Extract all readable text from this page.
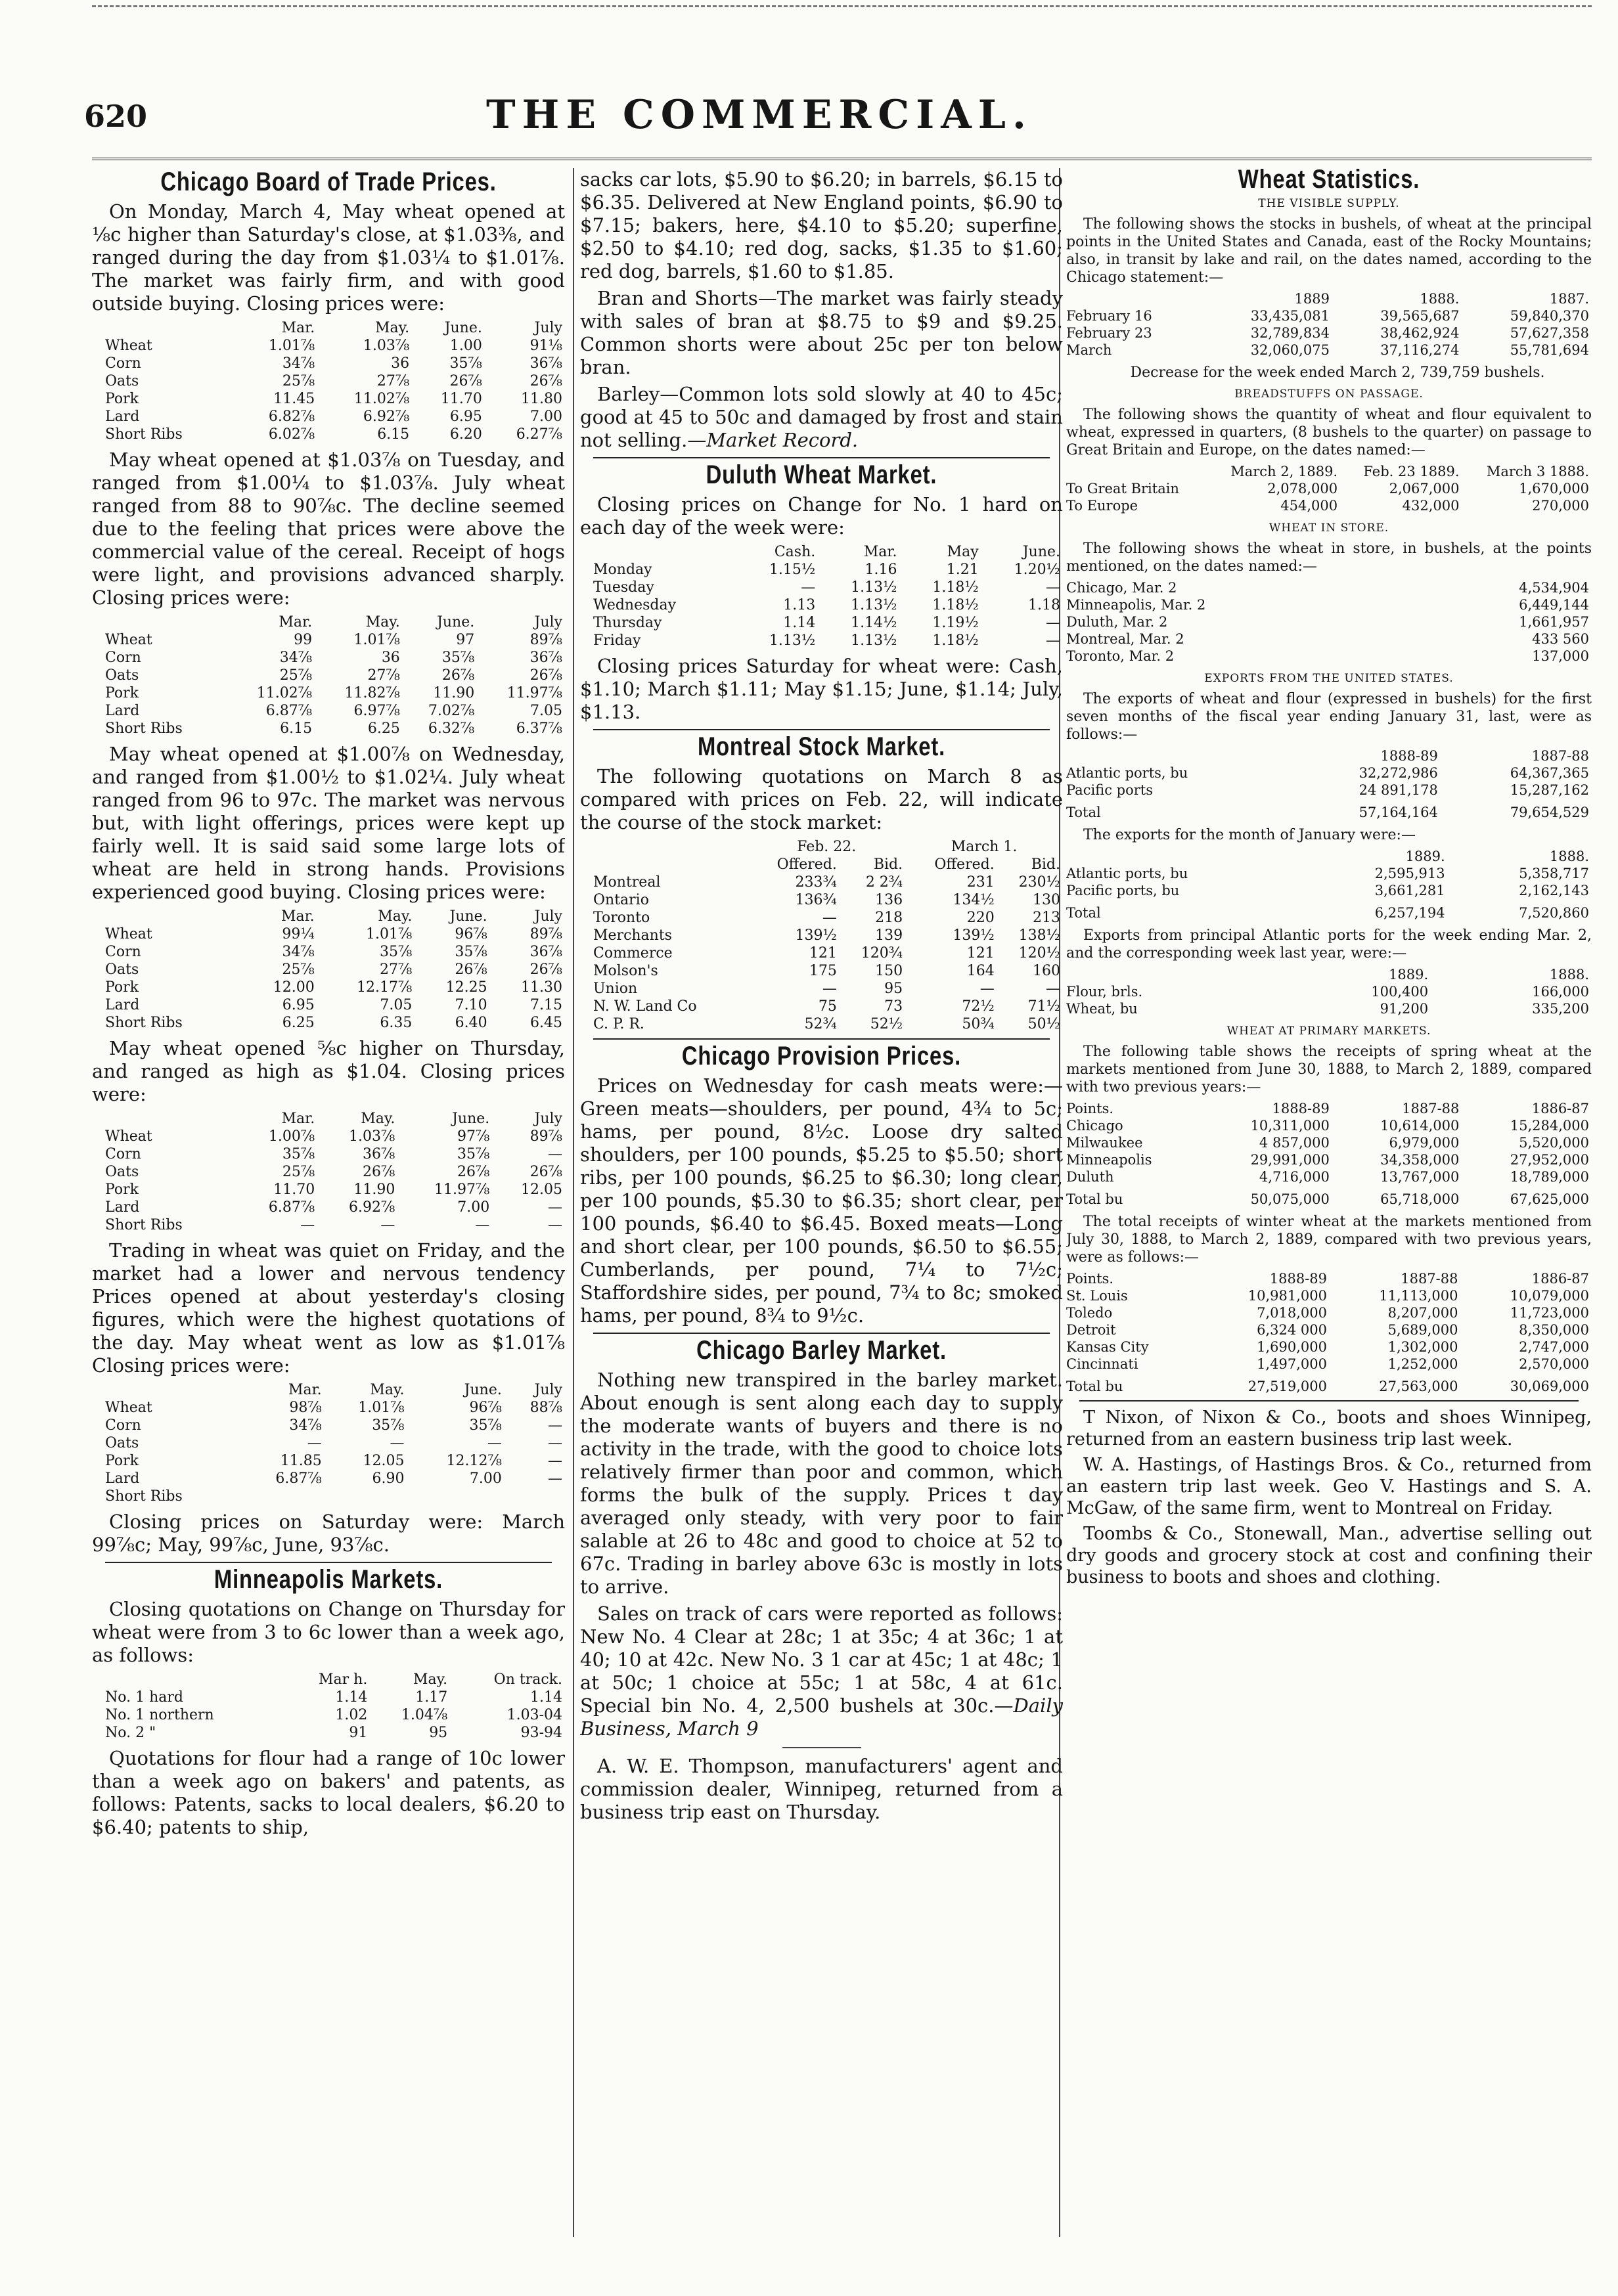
620	THE COMMERCIAL.
Chicago Board of Trade Prices.

On Monday, March 4, May wheat opened at ⅛c higher than Saturday's close, at $1.03⅜, and ranged during the day from $1.03¼ to $1.01⅞. The market was fairly firm, and with good outside buying. Closing prices were:

	Mar.	May.	June.	July
Wheat	1.01⅞	1.03⅞	1.00	91⅛
Corn	34⅞	36	35⅞	36⅞
Oats	25⅞	27⅞	26⅞	26⅞
Pork	11.45	11.02⅞	11.70	11.80
Lard	6.82⅞	6.92⅞	6.95	7.00
Short Ribs	6.02⅞	6.15	6.20	6.27⅞

May wheat opened at $1.03⅞ on Tuesday, and ranged from $1.00¼ to $1.03⅞. July wheat ranged from 88 to 90⅞c. The decline seemed due to the feeling that prices were above the commercial value of the cereal. Receipt of hogs were light, and provisions advanced sharply. Closing prices were:

	Mar.	May.	June.	July
Wheat	99	1.01⅞	97	89⅞
Corn	34⅞	36	35⅞	36⅞
Oats	25⅞	27⅞	26⅞	26⅞
Pork	11.02⅞	11.82⅞	11.90	11.97⅞
Lard	6.87⅞	6.97⅞	7.02⅞	7.05
Short Ribs	6.15	6.25	6.32⅞	6.37⅞

May wheat opened at $1.00⅞ on Wednesday, and ranged from $1.00½ to $1.02¼. July wheat ranged from 96 to 97c. The market was nervous but, with light offerings, prices were kept up fairly well. It is said said some large lots of wheat are held in strong hands. Provisions experienced good buying. Closing prices were:

	Mar.	May.	June.	July
Wheat	99¼	1.01⅞	96⅞	89⅞
Corn	34⅞	35⅞	35⅞	36⅞
Oats	25⅞	27⅞	26⅞	26⅞
Pork	12.00	12.17⅞	12.25	11.30
Lard	6.95	7.05	7.10	7.15
Short Ribs	6.25	6.35	6.40	6.45

May wheat opened ⅝c higher on Thursday, and ranged as high as $1.04. Closing prices were:

	Mar.	May.	June.	July
Wheat	1.00⅞	1.03⅞	97⅞	89⅞
Corn	35⅞	36⅞	35⅞	—
Oats	25⅞	26⅞	26⅞	26⅞
Pork	11.70	11.90	11.97⅞	12.05
Lard	6.87⅞	6.92⅞	7.00	—
Short Ribs	—	—	—	—

Trading in wheat was quiet on Friday, and the market had a lower and nervous tendency Prices opened at about yesterday's closing figures, which were the highest quotations of the day. May wheat went as low as $1.01⅞ Closing prices were:

	Mar.	May.	June.	July
Wheat	98⅞	1.01⅞	96⅞	88⅞
Corn	34⅞	35⅞	35⅞	—
Oats	—	—	—	—
Pork	11.85	12.05	12.12⅞	—
Lard	6.87⅞	6.90	7.00	—
Short Ribs				

Closing prices on Saturday were: March 99⅞c; May, 99⅞c, June, 93⅞c.

Minneapolis Markets.

Closing quotations on Change on Thursday for wheat were from 3 to 6c lower than a week ago, as follows:

	Mar h.	May.	On track.
No. 1 hard	1.14	1.17	1.14
No. 1 northern	1.02	1.04⅞	1.03-04
No. 2 "	91	95	93-94

Quotations for flour had a range of 10c lower than a week ago on bakers' and patents, as follows: Patents, sacks to local dealers, $6.20 to $6.40; patents to ship,

sacks car lots, $5.90 to $6.20; in barrels, $6.15 to $6.35. Delivered at New England points, $6.90 to $7.15; bakers, here, $4.10 to $5.20; superfine, $2.50 to $4.10; red dog, sacks, $1.35 to $1.60; red dog, barrels, $1.60 to $1.85.

Bran and Shorts—The market was fairly steady with sales of bran at $8.75 to $9 and $9.25. Common shorts were about 25c per ton below bran.

Barley—Common lots sold slowly at 40 to 45c; good at 45 to 50c and damaged by frost and stain not selling.—Market Record.

Duluth Wheat Market.

Closing prices on Change for No. 1 hard on each day of the week were:

	Cash.	Mar.	May	June.
Monday	1.15½	1.16	1.21	1.20½
Tuesday	—	1.13½	1.18½	—
Wednesday	1.13	1.13½	1.18½	1.18
Thursday	1.14	1.14½	1.19½	—
Friday	1.13½	1.13½	1.18½	—

Closing prices Saturday for wheat were: Cash, $1.10; March $1.11; May $1.15; June, $1.14; July, $1.13.

Montreal Stock Market.

The following quotations on March 8 as compared with prices on Feb. 22, will indicate the course of the stock market:

	Feb. 22.		March 1.	
	Offered.	Bid.	Offered.	Bid.
Montreal	233¾	2 2¾	231	230½
Ontario	136¾	136	134½	130
Toronto	—	218	220	213
Merchants	139½	139	139½	138½
Commerce	121	120¾	121	120½
Molson's	175	150	164	160
Union	—	95	—	—
N. W. Land Co	75	73	72½	71½
C. P. R.	52¾	52½	50¾	50½
Chicago Provision Prices.

Prices on Wednesday for cash meats were:—Green meats—shoulders, per pound, 4¾ to 5c; hams, per pound, 8½c. Loose dry salted shoulders, per 100 pounds, $5.25 to $5.50; short ribs, per 100 pounds, $6.25 to $6.30; long clear, per 100 pounds, $5.30 to $6.35; short clear, per 100 pounds, $6.40 to $6.45. Boxed meats—Long and short clear, per 100 pounds, $6.50 to $6.55; Cumberlands, per pound, 7¼ to 7½c; Staffordshire sides, per pound, 7¾ to 8c; smoked hams, per pound, 8¾ to 9½c.

Chicago Barley Market.

Nothing new transpired in the barley market. About enough is sent along each day to supply the moderate wants of buyers and there is no activity in the trade, with the good to choice lots relatively firmer than poor and common, which forms the bulk of the supply. Prices t day averaged only steady, with very poor to fair salable at 26 to 48c and good to choice at 52 to 67c. Trading in barley above 63c is mostly in lots to arrive.

Sales on track of cars were reported as follows: New No. 4 Clear at 28c; 1 at 35c; 4 at 36c; 1 at 40; 10 at 42c. New No. 3 1 car at 45c; 1 at 48c; 1 at 50c; 1 choice at 55c; 1 at 58c, 4 at 61c. Special bin No. 4, 2,500 bushels at 30c.—Daily Business, March 9

A. W. E. Thompson, manufacturers' agent and commission dealer, Winnipeg, returned from a business trip east on Thursday.

Wheat Statistics.
THE VISIBLE SUPPLY.

The following shows the stocks in bushels, of wheat at the principal points in the United States and Canada, east of the Rocky Mountains; also, in transit by lake and rail, on the dates named, according to the Chicago statement:—

	1889	1888.	1887.
February 16	33,435,081	39,565,687	59,840,370
February 23	32,789,834	38,462,924	57,627,358
March	32,060,075	37,116,274	55,781,694

Decrease for the week ended March 2, 739,759 bushels.

BREADSTUFFS ON PASSAGE.

The following shows the quantity of wheat and flour equivalent to wheat, expressed in quarters, (8 bushels to the quarter) on passage to Great Britain and Europe, on the dates named:—

	March 2, 1889.	Feb. 23 1889.	March 3 1888.
To Great Britain	2,078,000	2,067,000	1,670,000
To Europe	454,000	432,000	270,000
WHEAT IN STORE.

The following shows the wheat in store, in bushels, at the points mentioned, on the dates named:—

Chicago, Mar. 2	4,534,904
Minneapolis, Mar. 2	6,449,144
Duluth, Mar. 2	1,661,957
Montreal, Mar. 2	433 560
Toronto, Mar. 2	137,000
EXPORTS FROM THE UNITED STATES.

The exports of wheat and flour (expressed in bushels) for the first seven months of the fiscal year ending January 31, last, were as follows:—

	1888-89	1887-88
Atlantic ports, bu	32,272,986	64,367,365
Pacific ports	24 891,178	15,287,162
Total	57,164,164	79,654,529

The exports for the month of January were:—

	1889.	1888.
Atlantic ports, bu	2,595,913	5,358,717
Pacific ports, bu	3,661,281	2,162,143
Total	6,257,194	7,520,860

Exports from principal Atlantic ports for the week ending Mar. 2, and the corresponding week last year, were:—

	1889.	1888.
Flour, brls.	100,400	166,000
Wheat, bu	91,200	335,200
WHEAT AT PRIMARY MARKETS.

The following table shows the receipts of spring wheat at the markets mentioned from June 30, 1888, to March 2, 1889, compared with two previous years:—

Points.	1888-89	1887-88	1886-87
Chicago	10,311,000	10,614,000	15,284,000
Milwaukee	4 857,000	6,979,000	5,520,000
Minneapolis	29,991,000	34,358,000	27,952,000
Duluth	4,716,000	13,767,000	18,789,000
Total bu	50,075,000	65,718,000	67,625,000

The total receipts of winter wheat at the markets mentioned from July 30, 1888, to March 2, 1889, compared with two previous years, were as follows:—

Points.	1888-89	1887-88	1886-87
St. Louis	10,981,000	11,113,000	10,079,000
Toledo	7,018,000	8,207,000	11,723,000
Detroit	6,324 000	5,689,000	8,350,000
Kansas City	1,690,000	1,302,000	2,747,000
Cincinnati	1,497,000	1,252,000	2,570,000
Total bu	27,519,000	27,563,000	30,069,000

T Nixon, of Nixon & Co., boots and shoes Winnipeg, returned from an eastern business trip last week.

W. A. Hastings, of Hastings Bros. & Co., returned from an eastern trip last week. Geo V. Hastings and S. A. McGaw, of the same firm, went to Montreal on Friday.

Toombs & Co., Stonewall, Man., advertise selling out dry goods and grocery stock at cost and confining their business to boots and shoes and clothing.
